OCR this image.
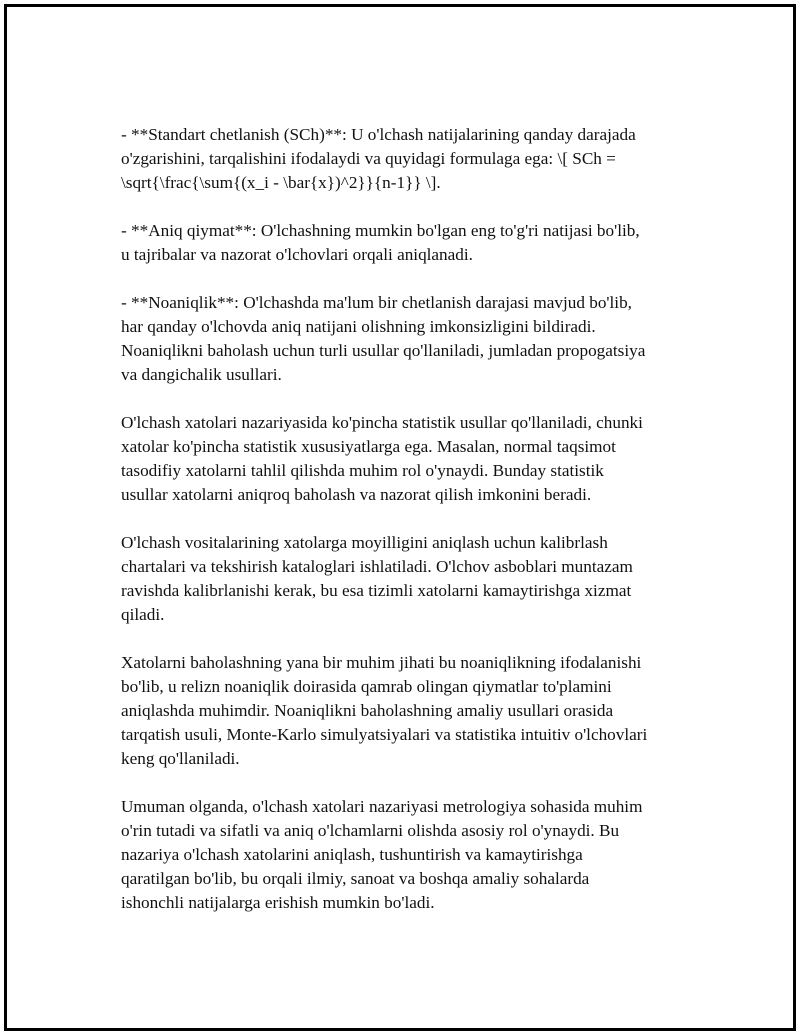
- **Standart chetlanish (SCh)**: U o'lchash natijalarining qanday darajada
o'zgarishini, tarqalishini ifodalaydi va quyidagi formulaga ega: \[ SCh =
\sqrt{\frac{\sum{(x_i - \bar{x})^2}}{n-1}} \].

- **Aniq qiymat**: O'lchashning mumkin bo'lgan eng to'g'ri natijasi bo'lib,
u tajribalar va nazorat o'lchovlari orqali aniqlanadi.

- **Noaniqlik**: O'lchashda ma'lum bir chetlanish darajasi mavjud bo'lib,
har qanday o'lchovda aniq natijani olishning imkonsizligini bildiradi.
Noaniqlikni baholash uchun turli usullar qo'llaniladi, jumladan propogatsiya
va dangichalik usullari.

O'lchash xatolari nazariyasida ko'pincha statistik usullar qo'llaniladi, chunki
xatolar ko'pincha statistik xususiyatlarga ega. Masalan, normal taqsimot
tasodifiy xatolarni tahlil qilishda muhim rol o'ynaydi. Bunday statistik
usullar xatolarni aniqroq baholash va nazorat qilish imkonini beradi.

O'lchash vositalarining xatolarga moyilligini aniqlash uchun kalibrlash
chartalari va tekshirish kataloglari ishlatiladi. O'lchov asboblari muntazam
ravishda kalibrlanishi kerak, bu esa tizimli xatolarni kamaytirishga xizmat
qiladi.

Xatolarni baholashning yana bir muhim jihati bu noaniqlikning ifodalanishi
bo'lib, u relizn noaniqlik doirasida qamrab olingan qiymatlar to'plamini
aniqlashda muhimdir. Noaniqlikni baholashning amaliy usullari orasida
tarqatish usuli, Monte-Karlo simulyatsiyalari va statistika intuitiv o'lchovlari
keng qo'llaniladi.

Umuman olganda, o'lchash xatolari nazariyasi metrologiya sohasida muhim
o'rin tutadi va sifatli va aniq o'lchamlarni olishda asosiy rol o'ynaydi. Bu
nazariya o'lchash xatolarini aniqlash, tushuntirish va kamaytirishga
qaratilgan bo'lib, bu orqali ilmiy, sanoat va boshqa amaliy sohalarda
ishonchli natijalarga erishish mumkin bo'ladi.
